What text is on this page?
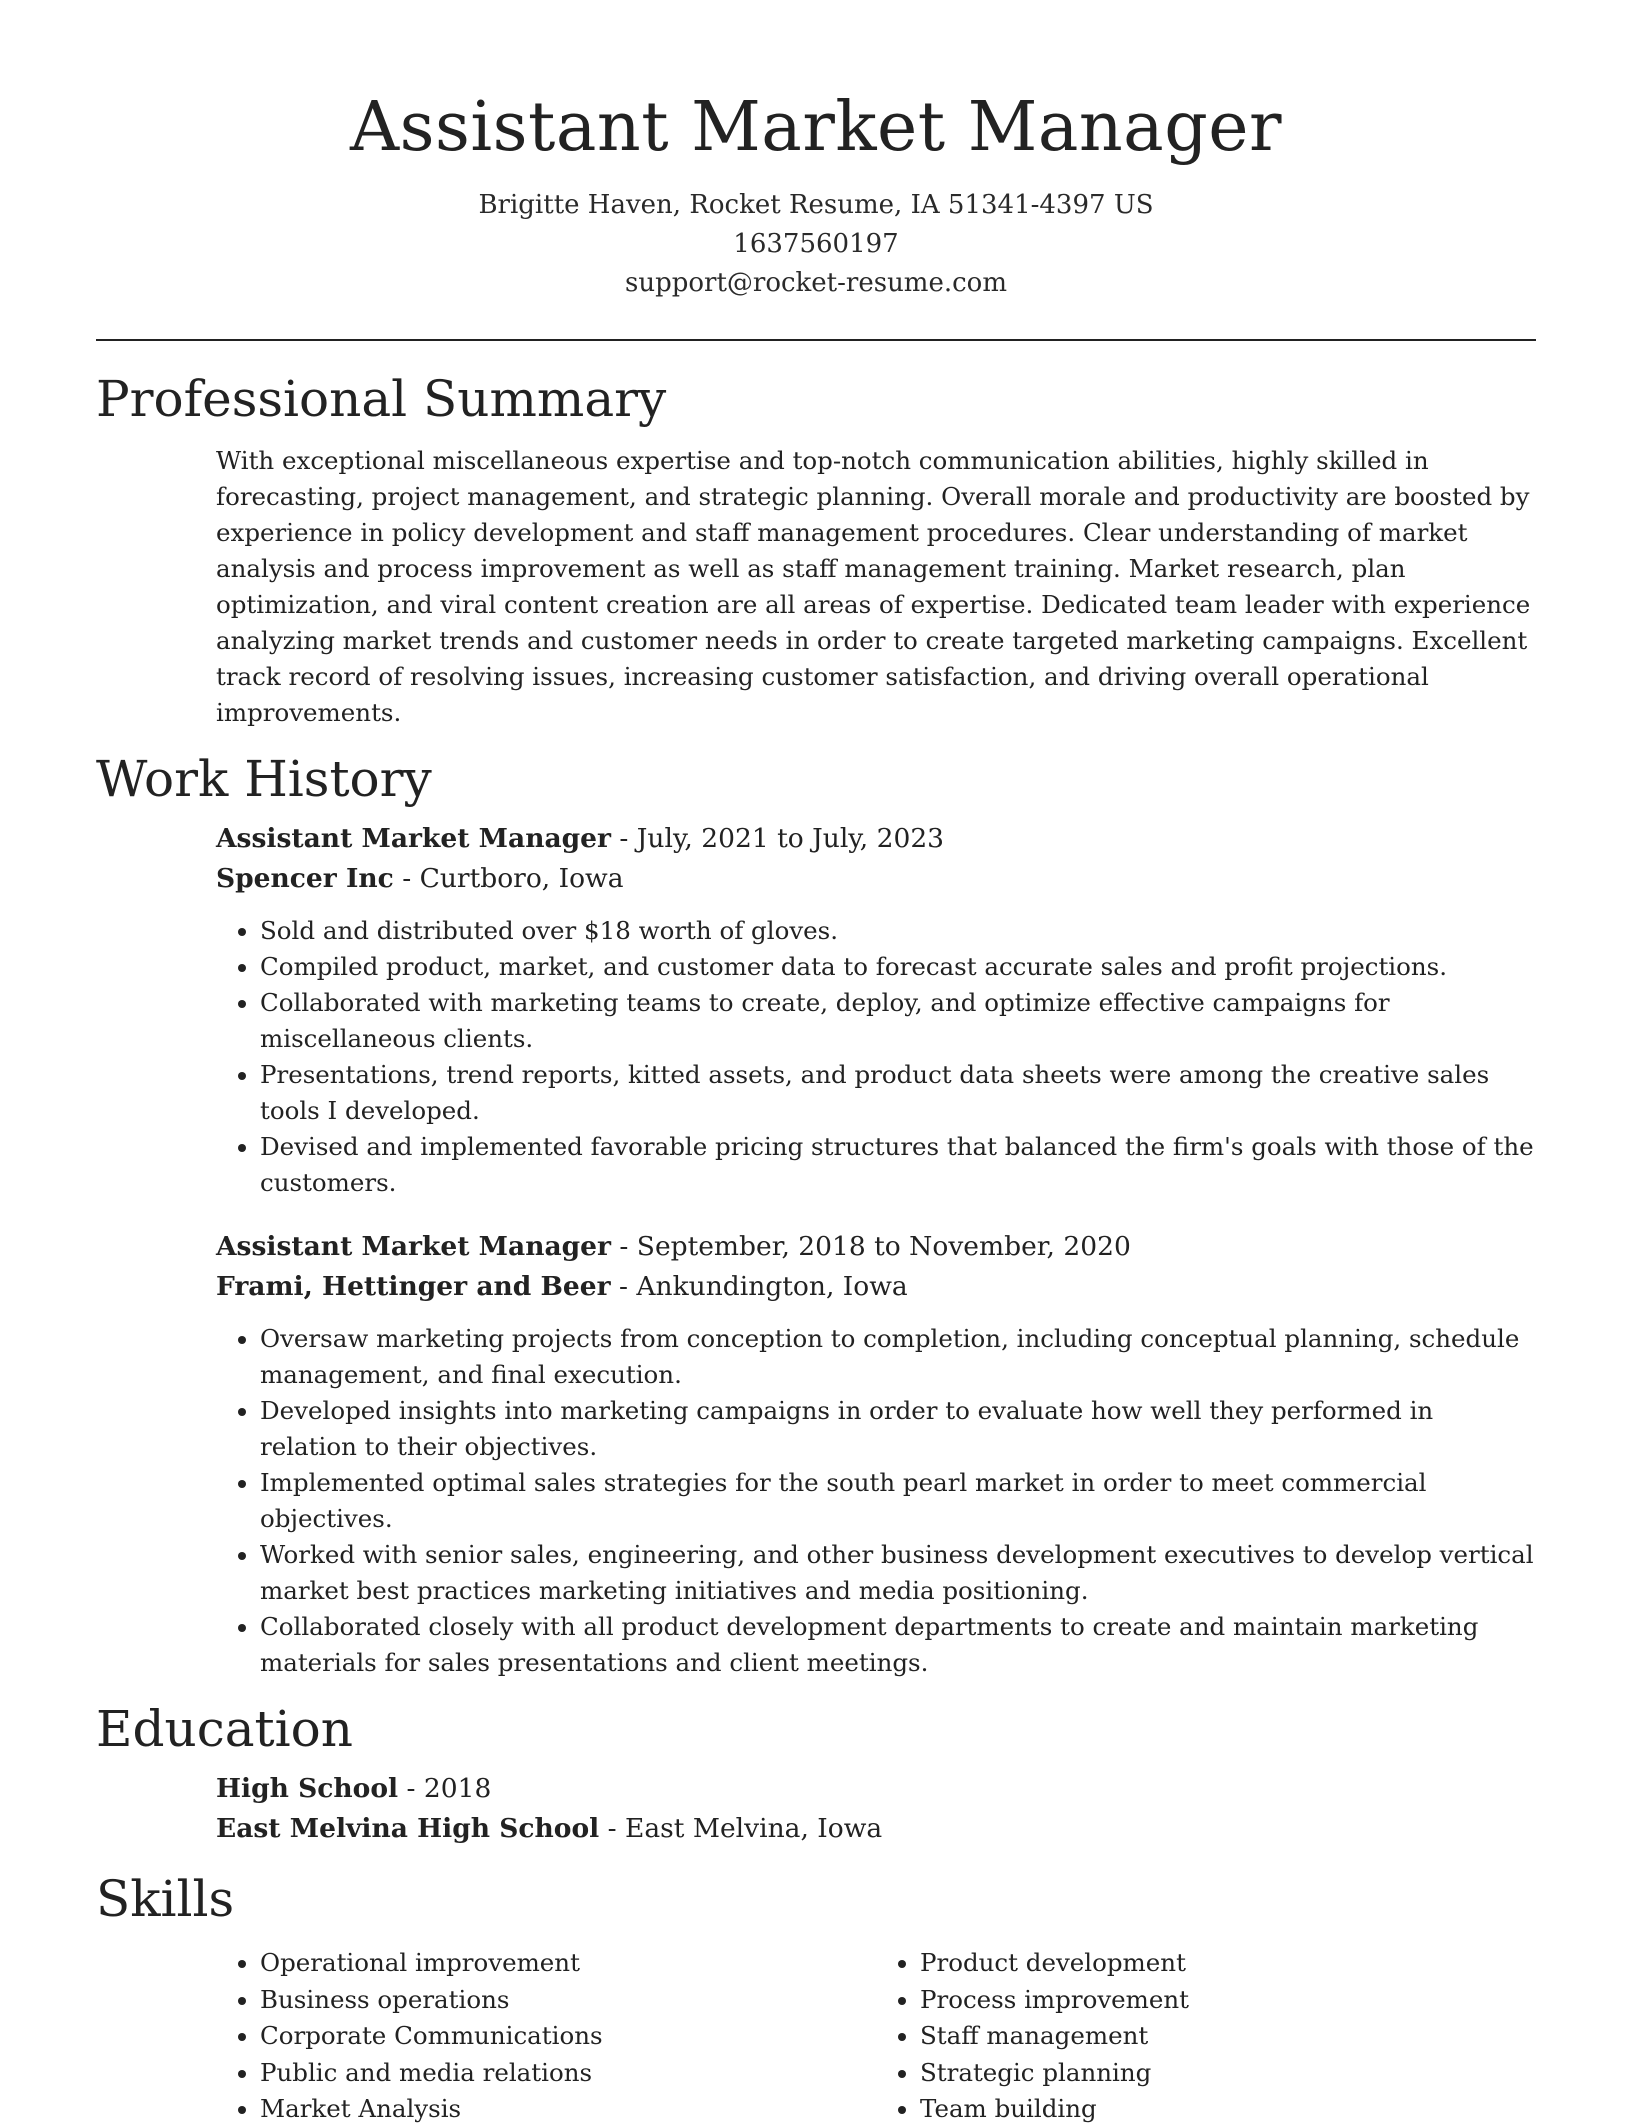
Assistant Market Manager
Brigitte Haven, Rocket Resume, IA 51341-4397 US
1637560197
support@rocket-resume.com
Professional Summary
With exceptional miscellaneous expertise and top-notch communication abilities, highly skilled in forecasting, project management, and strategic planning. Overall morale and productivity are boosted by experience in policy development and staff management procedures. Clear understanding of market analysis and process improvement as well as staff management training. Market research, plan optimization, and viral content creation are all areas of expertise. Dedicated team leader with experience analyzing market trends and customer needs in order to create targeted marketing campaigns. Excellent track record of resolving issues, increasing customer satisfaction, and driving overall operational improvements.
Work History
Assistant Market Manager - July, 2021 to July, 2023
Spencer Inc - Curtboro, Iowa
• Sold and distributed over $18 worth of gloves.
• Compiled product, market, and customer data to forecast accurate sales and profit projections.
• Collaborated with marketing teams to create, deploy, and optimize effective campaigns for miscellaneous clients.
• Presentations, trend reports, kitted assets, and product data sheets were among the creative sales tools I developed.
• Devised and implemented favorable pricing structures that balanced the firm's goals with those of the customers.
Assistant Market Manager - September, 2018 to November, 2020
Frami, Hettinger and Beer - Ankundington, Iowa
• Oversaw marketing projects from conception to completion, including conceptual planning, schedule management, and final execution.
• Developed insights into marketing campaigns in order to evaluate how well they performed in relation to their objectives.
• Implemented optimal sales strategies for the south pearl market in order to meet commercial objectives.
• Worked with senior sales, engineering, and other business development executives to develop vertical market best practices marketing initiatives and media positioning.
• Collaborated closely with all product development departments to create and maintain marketing materials for sales presentations and client meetings.
Education
High School - 2018
East Melvina High School - East Melvina, Iowa
Skills
• Operational improvement
• Business operations
• Corporate Communications
• Public and media relations
• Market Analysis
• Product development
• Process improvement
• Staff management
• Strategic planning
• Team building
